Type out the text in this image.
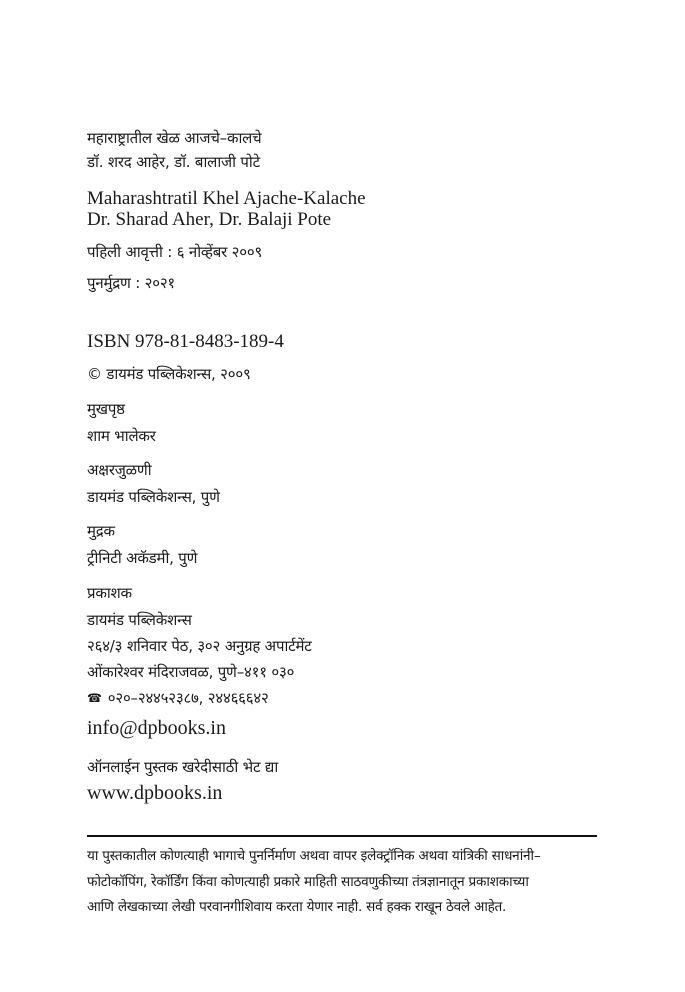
महाराष्ट्रातील खेळ आजचे–कालचे
डॉ. शरद आहेर, डॉ. बालाजी पोटे
Maharashtratil Khel Ajache-Kalache
Dr. Sharad Aher, Dr. Balaji Pote
पहिली आवृत्ती : ६ नोव्हेंबर २००९
पुनर्मुद्रण : २०२१
ISBN 978-81-8483-189-4
© डायमंड पब्लिकेशन्स, २००९
मुखपृष्ठ
शाम भालेकर
अक्षरजुळणी
डायमंड पब्लिकेशन्स, पुणे
मुद्रक
ट्रीनिटी अकॅडमी, पुणे
प्रकाशक
डायमंड पब्लिकेशन्स
२६४/३ शनिवार पेठ, ३०२ अनुग्रह अपार्टमेंट
ओंकारेश्वर मंदिराजवळ, पुणे–४११ ०३०
☎ ०२०–२४४५२३८७, २४४६६६४२
info@dpbooks.in
ऑनलाईन पुस्तक खरेदीसाठी भेट द्या
www.dpbooks.in
या पुस्तकातील कोणत्याही भागाचे पुनर्निर्माण अथवा वापर इलेक्ट्रॉनिक अथवा यांत्रिकी साधनांनी–
फोटोकॉपिंग, रेकॉर्डिंग किंवा कोणत्याही प्रकारे माहिती साठवणुकीच्या तंत्रज्ञानातून प्रकाशकाच्या
आणि लेखकाच्या लेखी परवानगीशिवाय करता येणार नाही. सर्व हक्क राखून ठेवले आहेत.
